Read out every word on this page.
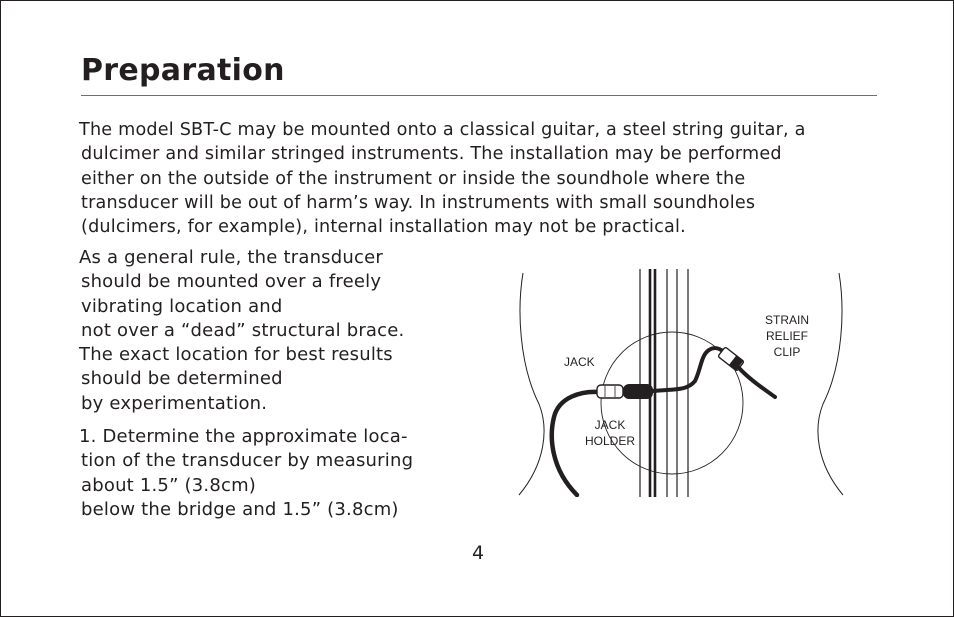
Preparation
The model SBT-C may be mounted onto a classical guitar, a steel string guitar, a
dulcimer and similar stringed instruments. The installation may be performed
either on the outside of the instrument or inside the soundhole where the
transducer will be out of harm’s way. In instruments with small soundholes
(dulcimers, for example), internal installation may not be practical.
As a general rule, the transducer
should be mounted over a freely
vibrating location and
not over a “dead” structural brace.
The exact location for best results
should be determined
by experimentation.
1. Determine the approximate loca-
tion of the transducer by measuring
about 1.5” (3.8cm)
below the bridge and 1.5” (3.8cm)
JACK
JACK
HOLDER
STRAIN
RELIEF
CLIP
4
